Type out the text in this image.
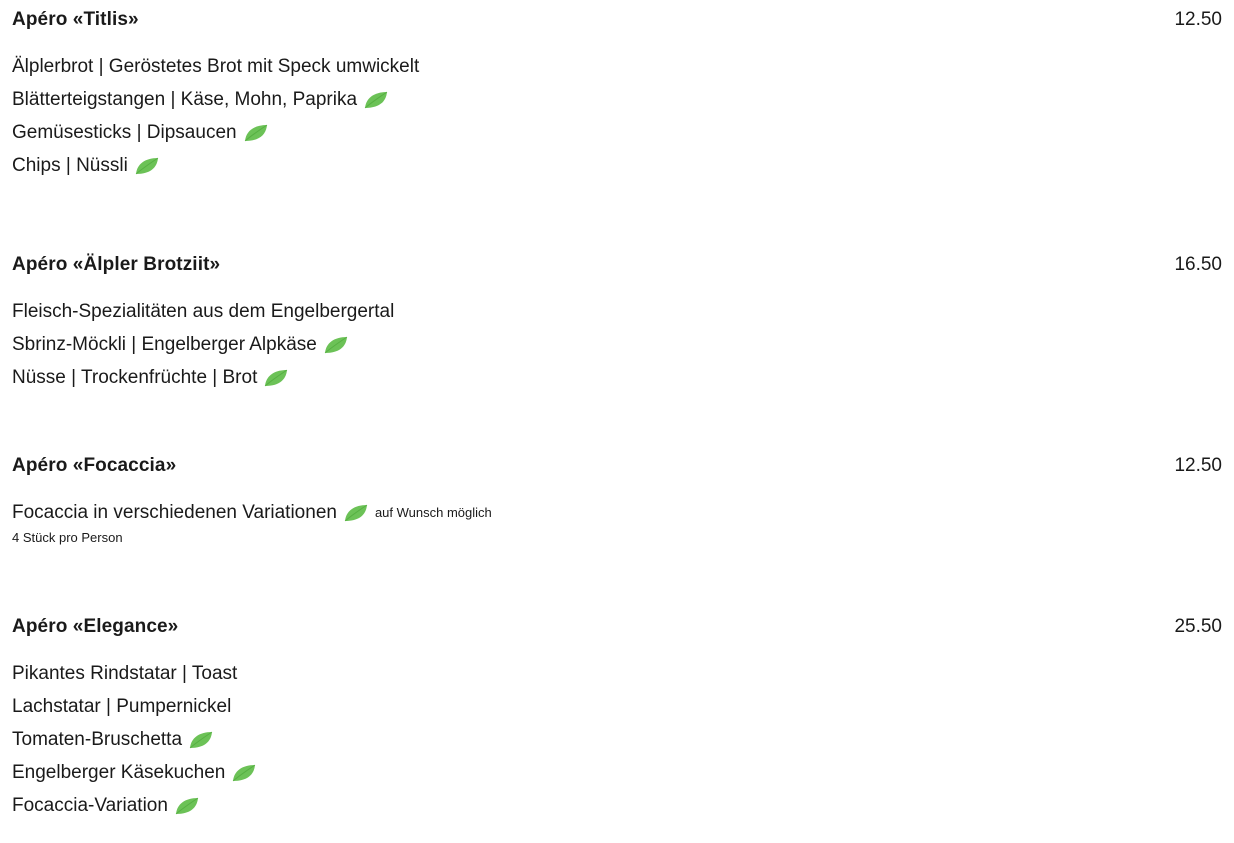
Apéro «Titlis»	12.50
Älplerbrot | Geröstetes Brot mit Speck umwickelt
Blätterteigstangen | Käse, Mohn, Paprika
Gemüsesticks | Dipsaucen
Chips | Nüssli
Apéro «Älpler Brotziit»	16.50
Fleisch-Spezialitäten aus dem Engelbergertal
Sbrinz-Möckli | Engelberger Alpkäse
Nüsse | Trockenfrüchte | Brot
Apéro «Focaccia»	12.50
Focaccia in verschiedenen Variationen	auf Wunsch möglich
4 Stück pro Person
Apéro «Elegance»	25.50
Pikantes Rindstatar | Toast
Lachstatar | Pumpernickel
Tomaten-Bruschetta
Engelberger Käsekuchen
Focaccia-Variation
